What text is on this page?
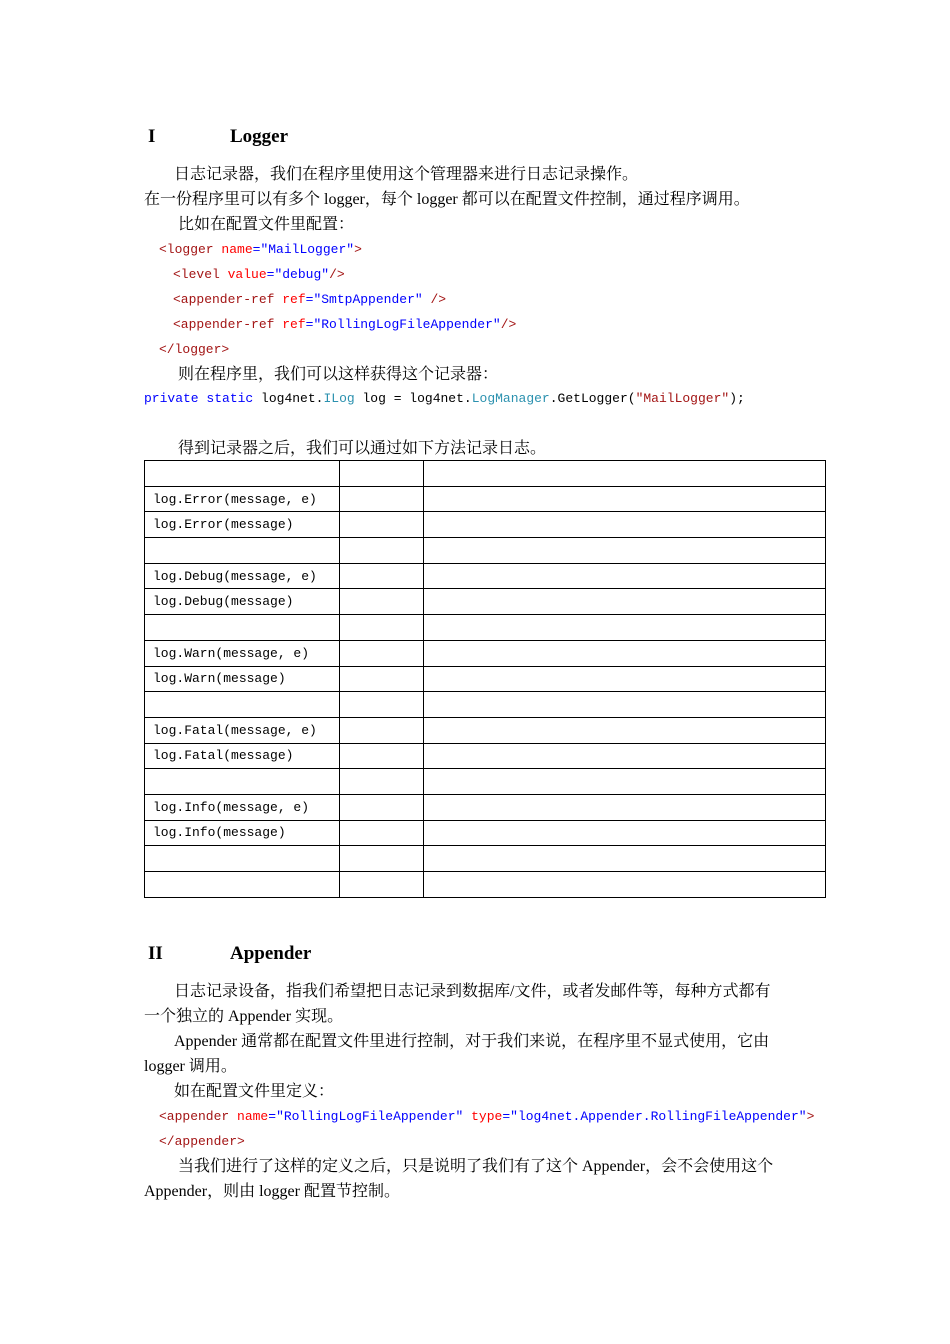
I	Logger
日志记录器，我们在程序里使用这个管理器来进行日志记录操作。
在一份程序里可以有多个 logger，每个 logger 都可以在配置文件控制，通过程序调用。
比如在配置文件里配置：
<logger name="MailLogger">
<level value="debug"/>
<appender-ref ref="SmtpAppender" />
<appender-ref ref="RollingLogFileAppender"/>
</logger>
则在程序里，我们可以这样获得这个记录器：
private static log4net.ILog log = log4net.LogManager.GetLogger("MailLogger");
得到记录器之后，我们可以通过如下方法记录日志。

log.Error(message, e)		
log.Error(message)		

log.Debug(message, e)		
log.Debug(message)		

log.Warn(message, e)		
log.Warn(message)		

log.Fatal(message, e)		
log.Fatal(message)		

log.Info(message, e)		
log.Info(message)		

II	Appender
日志记录设备，指我们希望把日志记录到数据库/文件，或者发邮件等，每种方式都有
一个独立的 Appender 实现。
Appender 通常都在配置文件里进行控制，对于我们来说，在程序里不显式使用，它由
logger 调用。
如在配置文件里定义：
<appender name="RollingLogFileAppender" type="log4net.Appender.RollingFileAppender">
</appender>
当我们进行了这样的定义之后，只是说明了我们有了这个 Appender，会不会使用这个
Appender，则由 logger 配置节控制。
